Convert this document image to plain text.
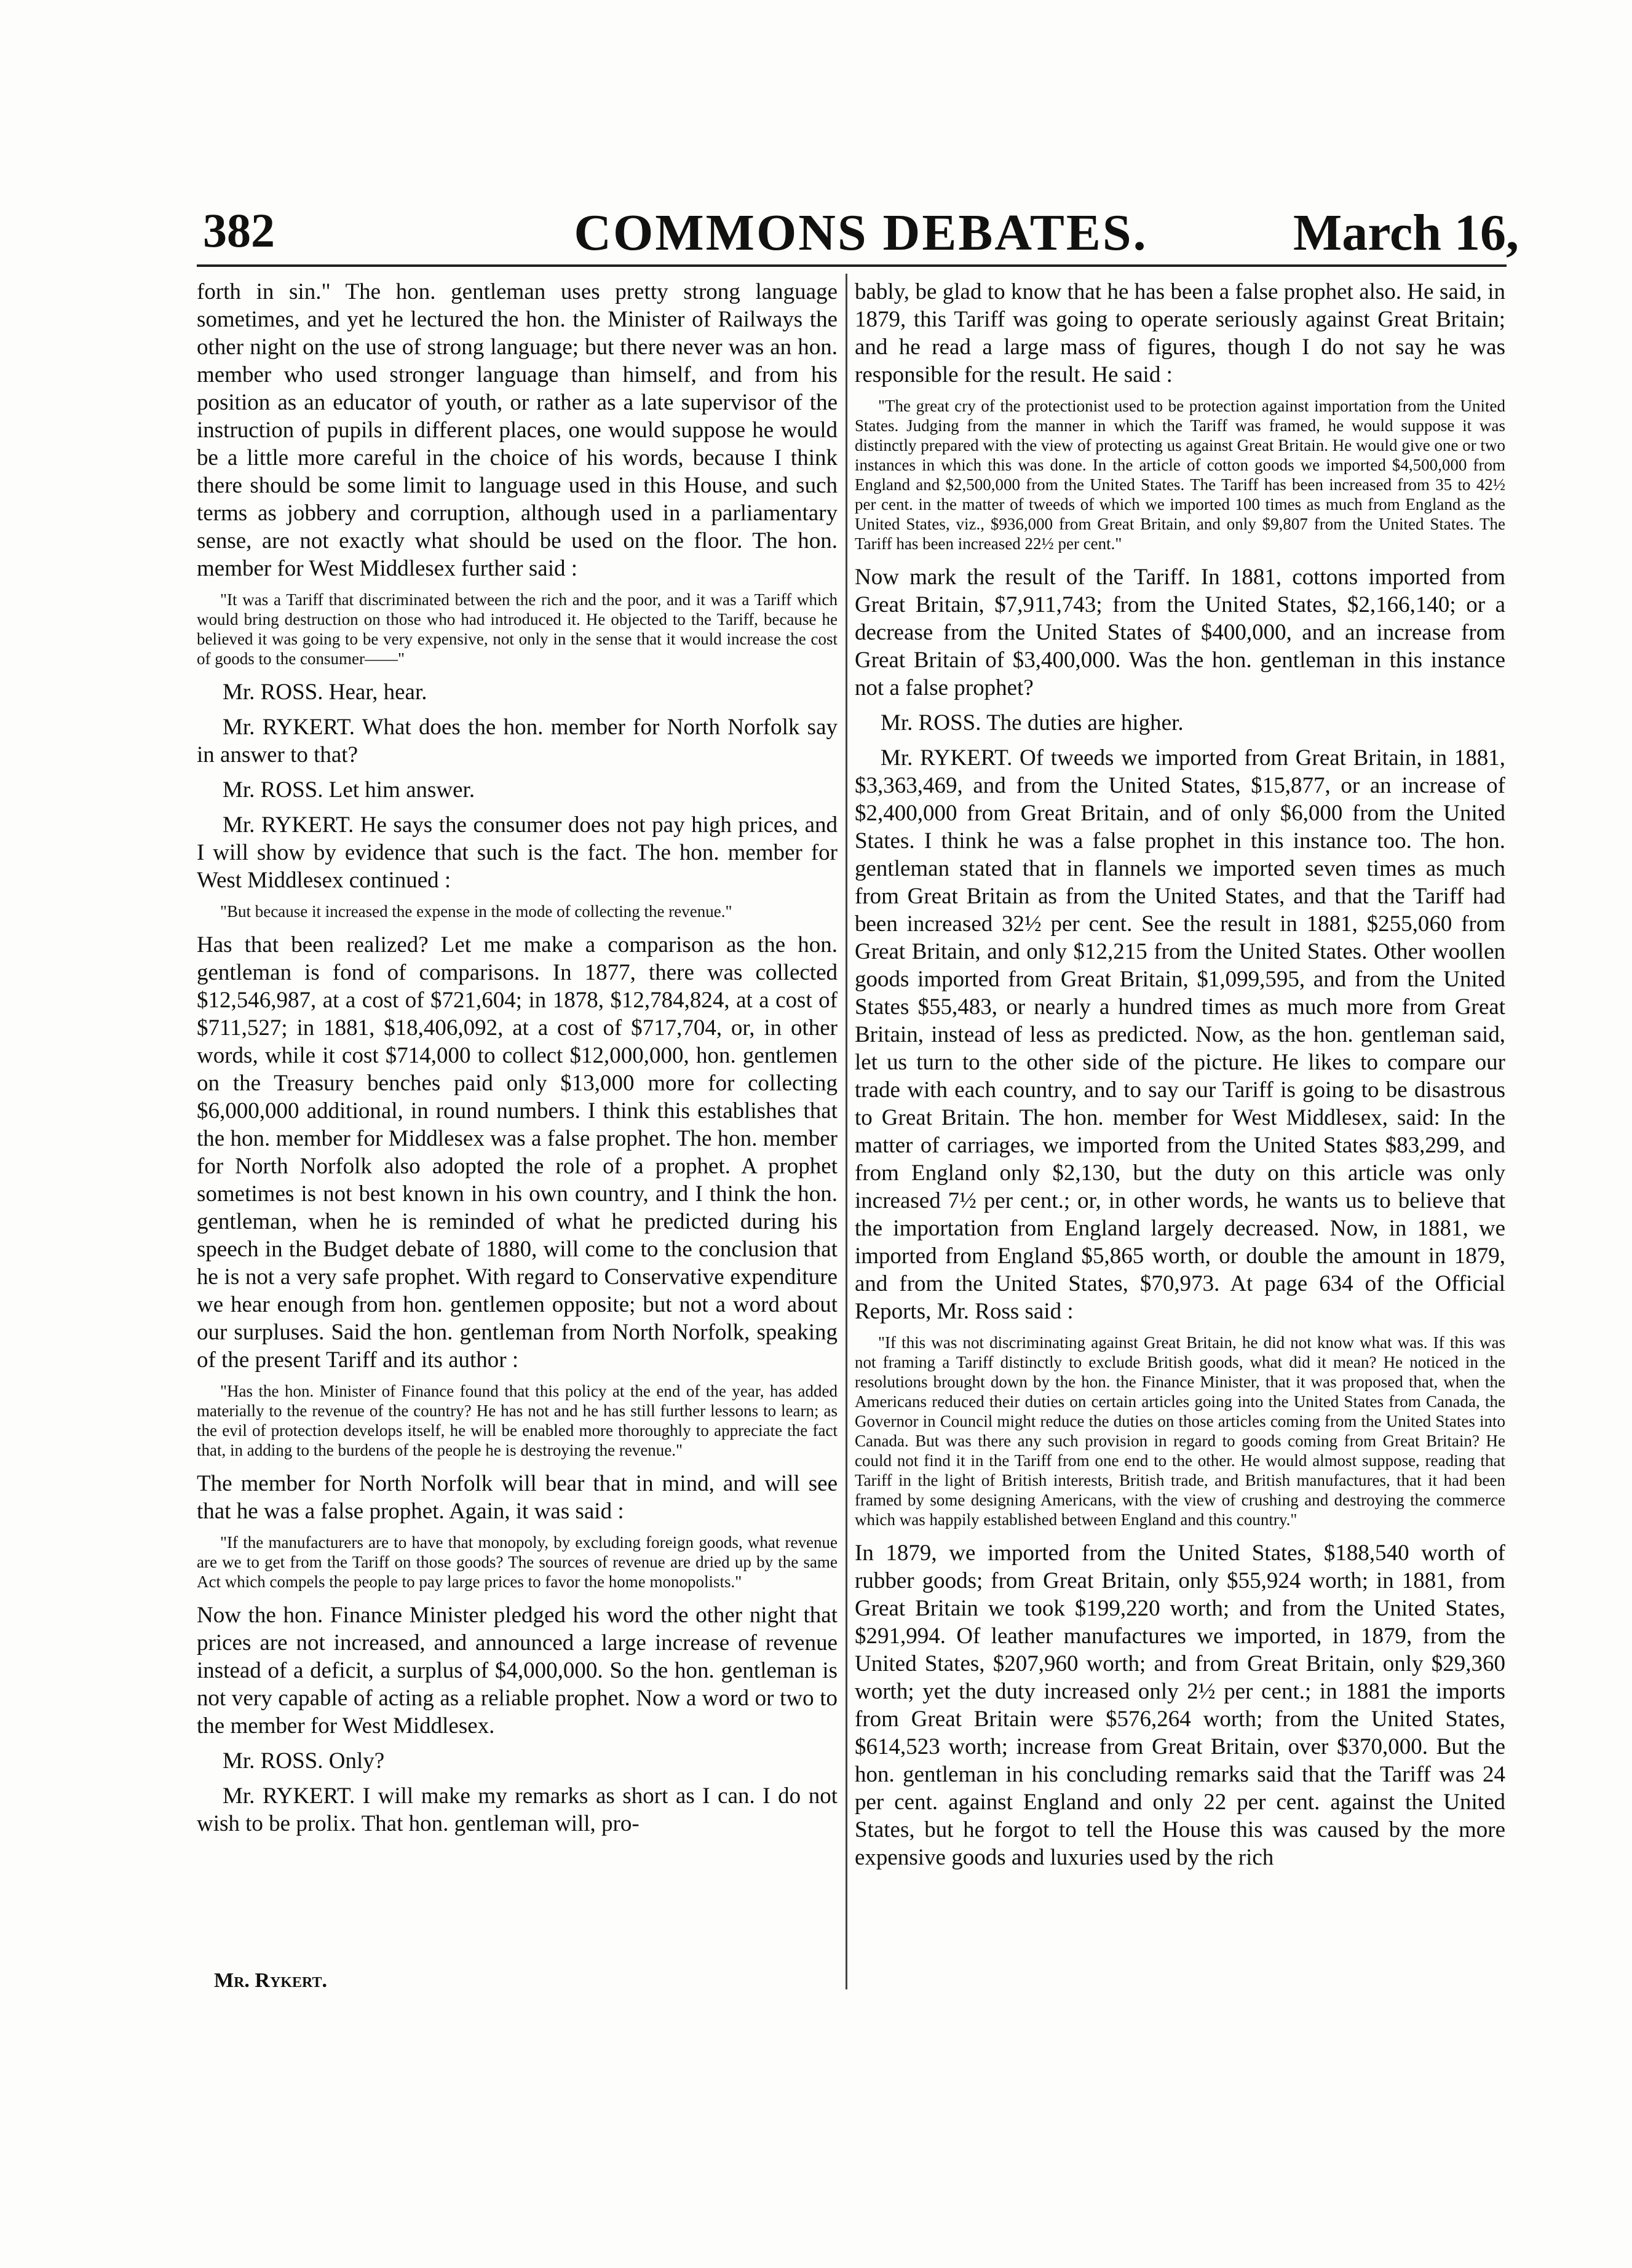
382	COMMONS DEBATES.	March 16,

forth in sin." The hon. gentleman uses pretty strong language sometimes, and yet he lectured the hon. the Minister of Railways the other night on the use of strong language; but there never was an hon. member who used stronger language than himself, and from his position as an educator of youth, or rather as a late supervisor of the instruction of pupils in different places, one would suppose he would be a little more careful in the choice of his words, because I think there should be some limit to language used in this House, and such terms as jobbery and corruption, although used in a parliamentary sense, are not exactly what should be used on the floor. The hon. member for West Middlesex further said :

"It was a Tariff that discriminated between the rich and the poor, and it was a Tariff which would bring destruction on those who had introduced it. He objected to the Tariff, because he believed it was going to be very expensive, not only in the sense that it would increase the cost of goods to the consumer——"

Mr. ROSS. Hear, hear.

Mr. RYKERT. What does the hon. member for North Norfolk say in answer to that?

Mr. ROSS. Let him answer.

Mr. RYKERT. He says the consumer does not pay high prices, and I will show by evidence that such is the fact. The hon. member for West Middlesex continued :

"But because it increased the expense in the mode of collecting the revenue."

Has that been realized? Let me make a comparison as the hon. gentleman is fond of comparisons. In 1877, there was collected $12,546,987, at a cost of $721,604; in 1878, $12,784,824, at a cost of $711,527; in 1881, $18,406,092, at a cost of $717,704, or, in other words, while it cost $714,000 to collect $12,000,000, hon. gentlemen on the Treasury benches paid only $13,000 more for collecting $6,000,000 additional, in round numbers. I think this establishes that the hon. member for Middlesex was a false prophet. The hon. member for North Norfolk also adopted the role of a prophet. A prophet sometimes is not best known in his own country, and I think the hon. gentleman, when he is reminded of what he predicted during his speech in the Budget debate of 1880, will come to the conclusion that he is not a very safe prophet. With regard to Conservative expenditure we hear enough from hon. gentlemen opposite; but not a word about our surpluses. Said the hon. gentleman from North Norfolk, speaking of the present Tariff and its author :

"Has the hon. Minister of Finance found that this policy at the end of the year, has added materially to the revenue of the country? He has not and he has still further lessons to learn; as the evil of protection develops itself, he will be enabled more thoroughly to appreciate the fact that, in adding to the burdens of the people he is destroying the revenue."

The member for North Norfolk will bear that in mind, and will see that he was a false prophet. Again, it was said :

"If the manufacturers are to have that monopoly, by excluding foreign goods, what revenue are we to get from the Tariff on those goods? The sources of revenue are dried up by the same Act which compels the people to pay large prices to favor the home monopolists."

Now the hon. Finance Minister pledged his word the other night that prices are not increased, and announced a large increase of revenue instead of a deficit, a surplus of $4,000,000. So the hon. gentleman is not very capable of acting as a reliable prophet. Now a word or two to the member for West Middlesex.

Mr. ROSS. Only?

Mr. RYKERT. I will make my remarks as short as I can. I do not wish to be prolix. That hon. gentleman will, pro-

bably, be glad to know that he has been a false prophet also. He said, in 1879, this Tariff was going to operate seriously against Great Britain; and he read a large mass of figures, though I do not say he was responsible for the result. He said :

"The great cry of the protectionist used to be protection against importation from the United States. Judging from the manner in which the Tariff was framed, he would suppose it was distinctly prepared with the view of protecting us against Great Britain. He would give one or two instances in which this was done. In the article of cotton goods we imported $4,500,000 from England and $2,500,000 from the United States. The Tariff has been increased from 35 to 42½ per cent. in the matter of tweeds of which we imported 100 times as much from England as the United States, viz., $936,000 from Great Britain, and only $9,807 from the United States. The Tariff has been increased 22½ per cent."

Now mark the result of the Tariff. In 1881, cottons imported from Great Britain, $7,911,743; from the United States, $2,166,140; or a decrease from the United States of $400,000, and an increase from Great Britain of $3,400,000. Was the hon. gentleman in this instance not a false prophet?

Mr. ROSS. The duties are higher.

Mr. RYKERT. Of tweeds we imported from Great Britain, in 1881, $3,363,469, and from the United States, $15,877, or an increase of $2,400,000 from Great Britain, and of only $6,000 from the United States. I think he was a false prophet in this instance too. The hon. gentleman stated that in flannels we imported seven times as much from Great Britain as from the United States, and that the Tariff had been increased 32½ per cent. See the result in 1881, $255,060 from Great Britain, and only $12,215 from the United States. Other woollen goods imported from Great Britain, $1,099,595, and from the United States $55,483, or nearly a hundred times as much more from Great Britain, instead of less as predicted. Now, as the hon. gentleman said, let us turn to the other side of the picture. He likes to compare our trade with each country, and to say our Tariff is going to be disastrous to Great Britain. The hon. member for West Middlesex, said: In the matter of carriages, we imported from the United States $83,299, and from England only $2,130, but the duty on this article was only increased 7½ per cent.; or, in other words, he wants us to believe that the importation from England largely decreased. Now, in 1881, we imported from England $5,865 worth, or double the amount in 1879, and from the United States, $70,973. At page 634 of the Official Reports, Mr. Ross said :

"If this was not discriminating against Great Britain, he did not know what was. If this was not framing a Tariff distinctly to exclude British goods, what did it mean? He noticed in the resolutions brought down by the hon. the Finance Minister, that it was proposed that, when the Americans reduced their duties on certain articles going into the United States from Canada, the Governor in Council might reduce the duties on those articles coming from the United States into Canada. But was there any such provision in regard to goods coming from Great Britain? He could not find it in the Tariff from one end to the other. He would almost suppose, reading that Tariff in the light of British interests, British trade, and British manufactures, that it had been framed by some designing Americans, with the view of crushing and destroying the commerce which was happily established between England and this country."

In 1879, we imported from the United States, $188,540 worth of rubber goods; from Great Britain, only $55,924 worth; in 1881, from Great Britain we took $199,220 worth; and from the United States, $291,994. Of leather manufactures we imported, in 1879, from the United States, $207,960 worth; and from Great Britain, only $29,360 worth; yet the duty increased only 2½ per cent.; in 1881 the imports from Great Britain were $576,264 worth; from the United States, $614,523 worth; increase from Great Britain, over $370,000. But the hon. gentleman in his concluding remarks said that the Tariff was 24 per cent. against England and only 22 per cent. against the United States, but he forgot to tell the House this was caused by the more expensive goods and luxuries used by the rich

Mr. Rykert.
